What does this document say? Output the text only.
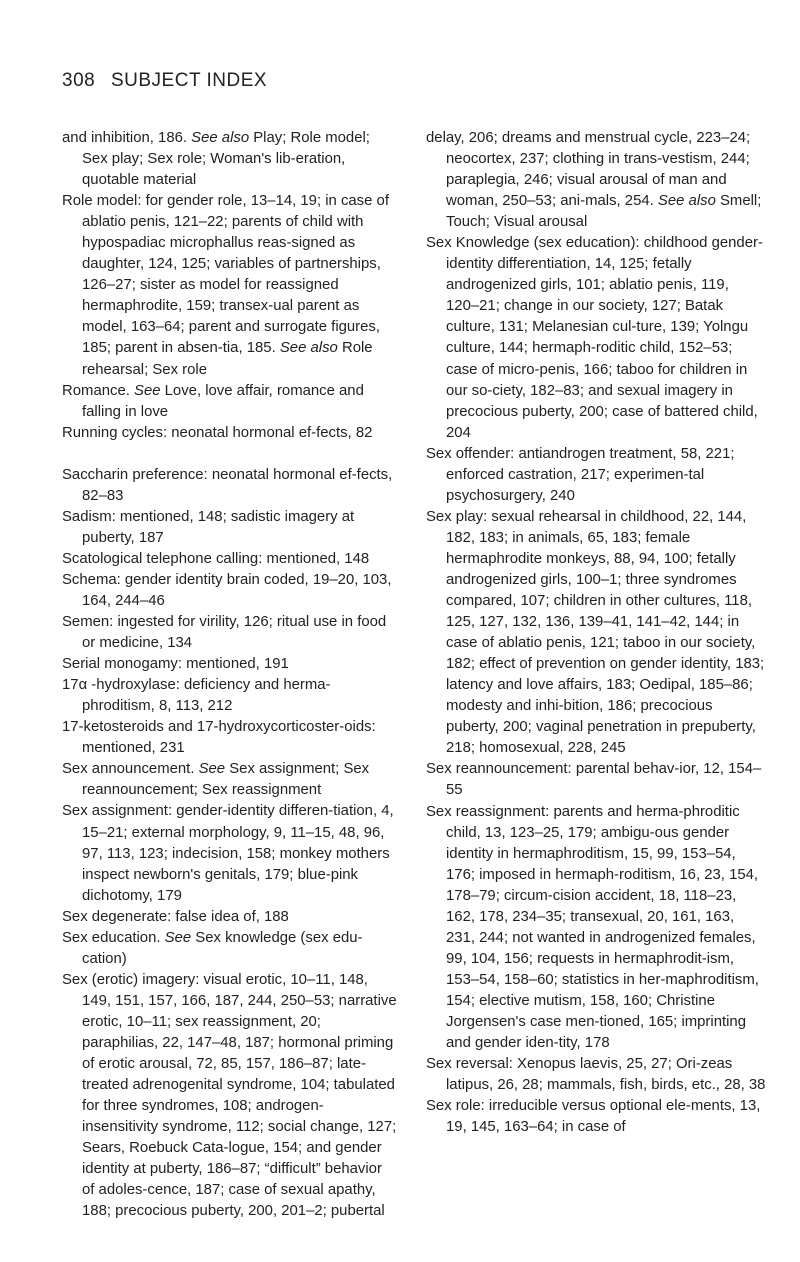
308 SUBJECT INDEX
and inhibition, 186. See also Play; Role model; Sex play; Sex role; Woman's lib-eration, quotable material
Role model: for gender role, 13–14, 19; in case of ablatio penis, 121–22; parents of child with hypospadiac microphallus reas-signed as daughter, 124, 125; variables of partnerships, 126–27; sister as model for reassigned hermaphrodite, 159; transex-ual parent as model, 163–64; parent and surrogate figures, 185; parent in absen-tia, 185. See also Role rehearsal; Sex role
Romance. See Love, love affair, romance and falling in love
Running cycles: neonatal hormonal ef-fects, 82
Saccharin preference: neonatal hormonal ef-fects, 82–83
Sadism: mentioned, 148; sadistic imagery at puberty, 187
Scatological telephone calling: mentioned, 148
Schema: gender identity brain coded, 19–20, 103, 164, 244–46
Semen: ingested for virility, 126; ritual use in food or medicine, 134
Serial monogamy: mentioned, 191
17α -hydroxylase: deficiency and herma-phroditism, 8, 113, 212
17-ketosteroids and 17-hydroxycorticoster-oids: mentioned, 231
Sex announcement. See Sex assignment; Sex reannouncement; Sex reassignment
Sex assignment: gender-identity differen-tiation, 4, 15–21; external morphology, 9, 11–15, 48, 96, 97, 113, 123; indecision, 158; monkey mothers inspect newborn's genitals, 179; blue-pink dichotomy, 179
Sex degenerate: false idea of, 188
Sex education. See Sex knowledge (sex edu-cation)
Sex (erotic) imagery: visual erotic, 10–11, 148, 149, 151, 157, 166, 187, 244, 250–53; narrative erotic, 10–11; sex reassignment, 20; paraphilias, 22, 147–48, 187; hormonal priming of erotic arousal, 72, 85, 157, 186–87; late-treated adrenogenital syndrome, 104; tabulated for three syndromes, 108; androgen-insensitivity syndrome, 112; social change, 127; Sears, Roebuck Cata-logue, 154; and gender identity at puberty, 186–87; “difficult” behavior of adoles-cence, 187; case of sexual apathy, 188; precocious puberty, 200, 201–2; pubertal
delay, 206; dreams and menstrual cycle, 223–24; neocortex, 237; clothing in trans-vestism, 244; paraplegia, 246; visual arousal of man and woman, 250–53; ani-mals, 254. See also Smell; Touch; Visual arousal
Sex Knowledge (sex education): childhood gender-identity differentiation, 14, 125; fetally androgenized girls, 101; ablatio penis, 119, 120–21; change in our society, 127; Batak culture, 131; Melanesian cul-ture, 139; Yolngu culture, 144; hermaph-roditic child, 152–53; case of micro-penis, 166; taboo for children in our so-ciety, 182–83; and sexual imagery in precocious puberty, 200; case of battered child, 204
Sex offender: antiandrogen treatment, 58, 221; enforced castration, 217; experimen-tal psychosurgery, 240
Sex play: sexual rehearsal in childhood, 22, 144, 182, 183; in animals, 65, 183; female hermaphrodite monkeys, 88, 94, 100; fetally androgenized girls, 100–1; three syndromes compared, 107; children in other cultures, 118, 125, 127, 132, 136, 139–41, 141–42, 144; in case of ablatio penis, 121; taboo in our society, 182; effect of prevention on gender identity, 183; latency and love affairs, 183; Oedipal, 185–86; modesty and inhi-bition, 186; precocious puberty, 200; vaginal penetration in prepuberty, 218; homosexual, 228, 245
Sex reannouncement: parental behav-ior, 12, 154–55
Sex reassignment: parents and herma-phroditic child, 13, 123–25, 179; ambigu-ous gender identity in hermaphroditism, 15, 99, 153–54, 176; imposed in hermaph-roditism, 16, 23, 154, 178–79; circum-cision accident, 18, 118–23, 162, 178, 234–35; transexual, 20, 161, 163, 231, 244; not wanted in androgenized females, 99, 104, 156; requests in hermaphrodit-ism, 153–54, 158–60; statistics in her-maphroditism, 154; elective mutism, 158, 160; Christine Jorgensen's case men-tioned, 165; imprinting and gender iden-tity, 178
Sex reversal: Xenopus laevis, 25, 27; Ori-zeas latipus, 26, 28; mammals, fish, birds, etc., 28, 38
Sex role: irreducible versus optional ele-ments, 13, 19, 145, 163–64; in case of
